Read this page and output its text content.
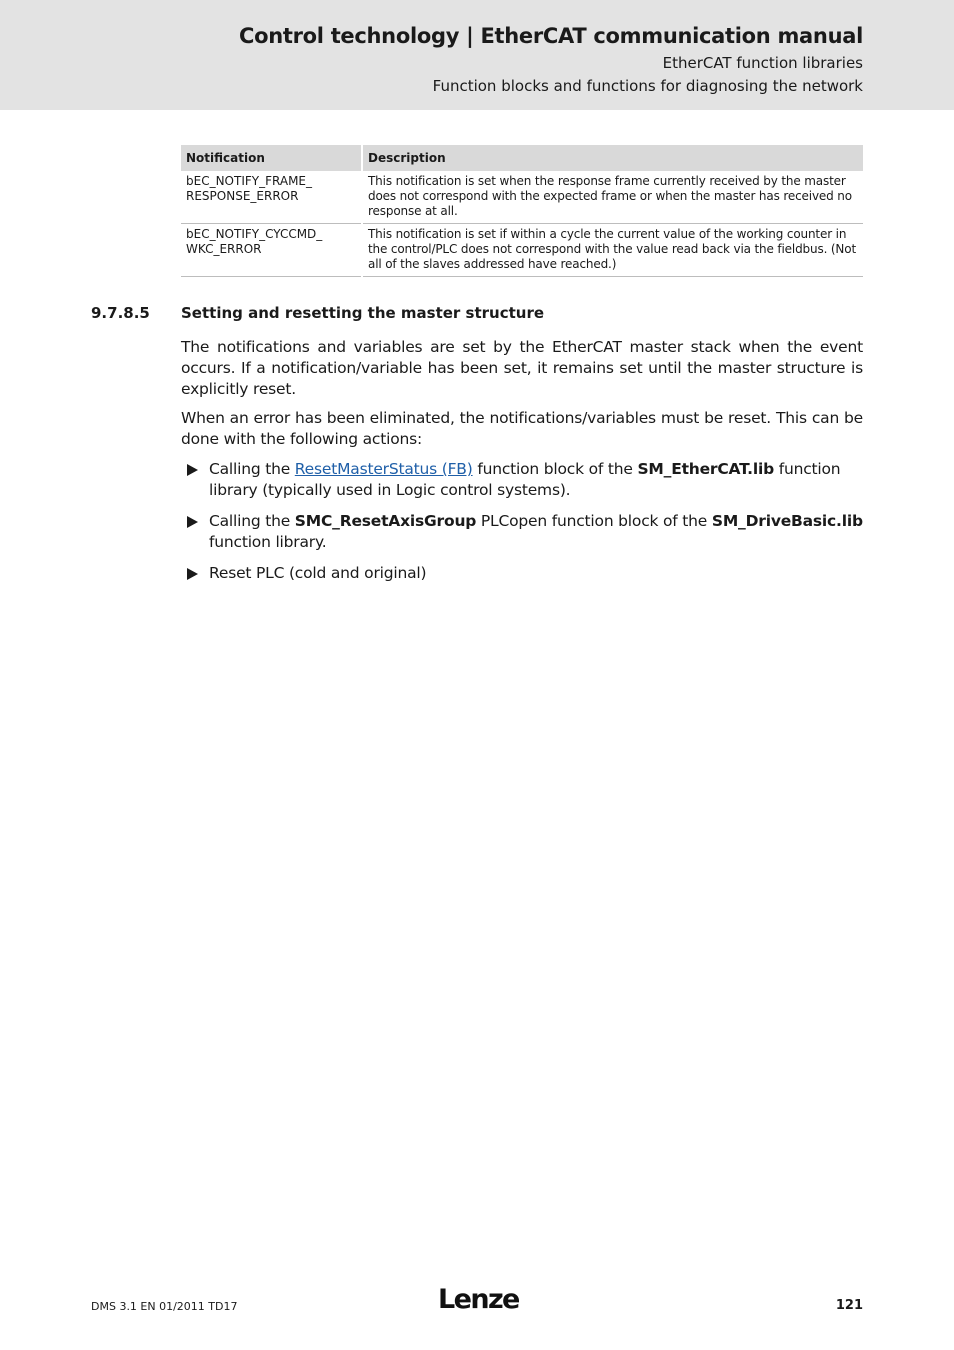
Control technology | EtherCAT communication manual
EtherCAT function libraries
Function blocks and functions for diagnosing the network
Notification	Description

bEC_NOTIFY_FRAME_
RESPONSE_ERROR	This notification is set when the response frame currently received by the master does not correspond with the expected frame or when the master has received no response at all.

bEC_NOTIFY_CYCCMD_
WKC_ERROR	This notification is set if within a cycle the current value of the working counter in the control/PLC does not correspond with the value read back via the fieldbus. (Not all of the slaves addressed have reached.)
9.7.8.5 Setting and resetting the master structure

The notifications and variables are set by the EtherCAT master stack when the event occurs. If a notification/variable has been set, it remains set until the master structure is explicitly reset.

When an error has been eliminated, the notifications/variables must be reset. This can be done with the following actions:

Calling the ResetMasterStatus (FB) function block of the SM_EtherCAT.lib function library (typically used in Logic control systems).
Calling the SMC_ResetAxisGroup PLCopen function block of the SM_DriveBasic.lib function library.
Reset PLC (cold and original)
DMS 3.1 EN 01/2011 TD17	Lenze	121
